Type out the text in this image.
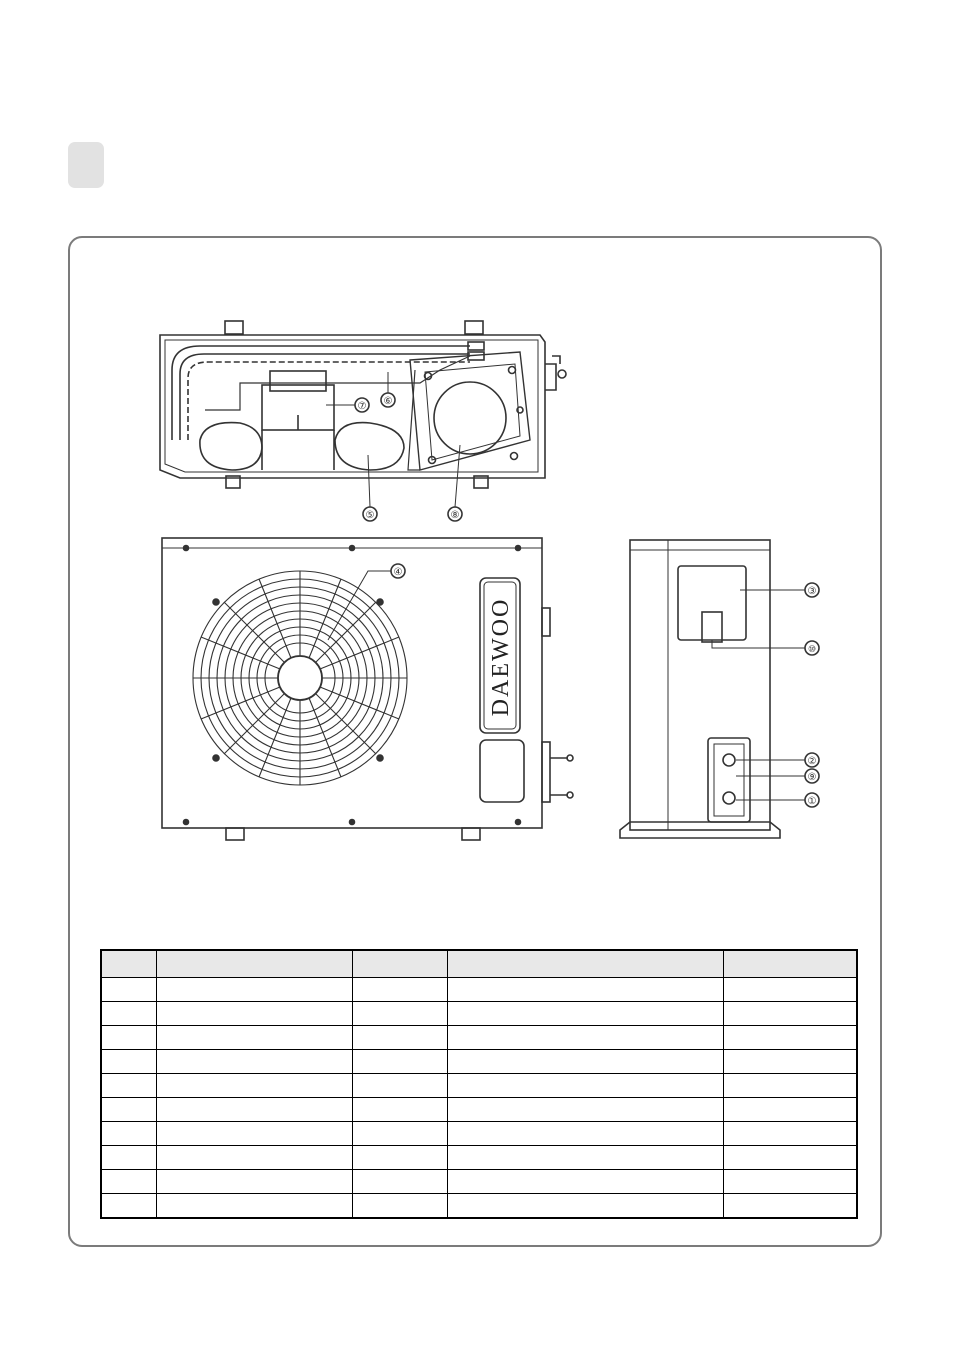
⑦ ⑥
⑤	⑧
DAEWOO
④
③
⑩
②
⑨
①
